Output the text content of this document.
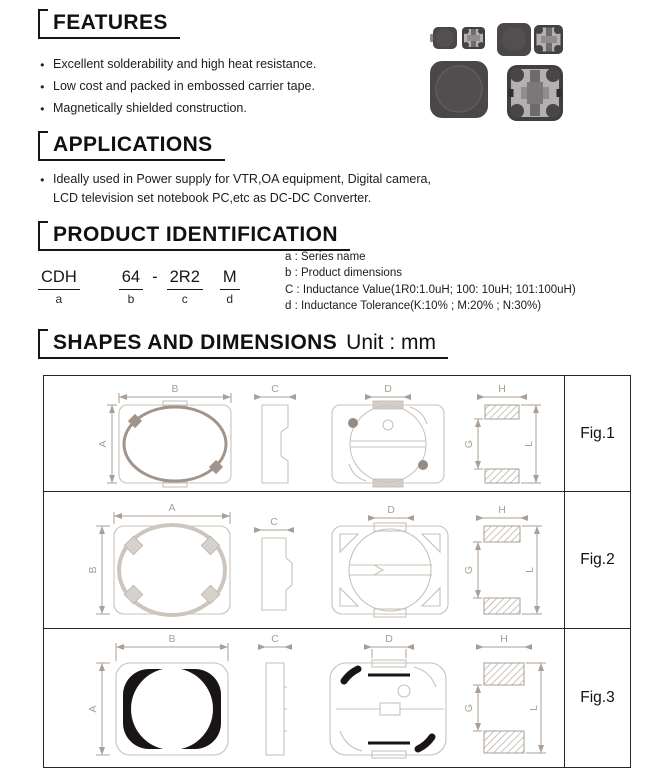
FEATURES
●
Excellent solderability and high heat resistance.
●
Low cost and packed in embossed carrier tape.
●
Magnetically shielded construction.
APPLICATIONS
●
Ideally used in Power supply for VTR,OA equipment, Digital camera,
LCD television set notebook PC,etc as DC-DC Converter.
PRODUCT IDENTIFICATION
CDH
a
64
b
- 2R2
c
M
d
a : Series name
b : Product dimensions
C : Inductance Value(1R0:1.0uH; 100: 10uH; 101:100uH)
d : Inductance Tolerance(K:10% ; M:20% ; N:30%)
SHAPES AND DIMENSIONS Unit : mm
B
A
C	D	H
G	L
Fig.1
A
B
C
D	H
G	L
Fig.2
B
A
C	D	H
G	L
Fig.3
